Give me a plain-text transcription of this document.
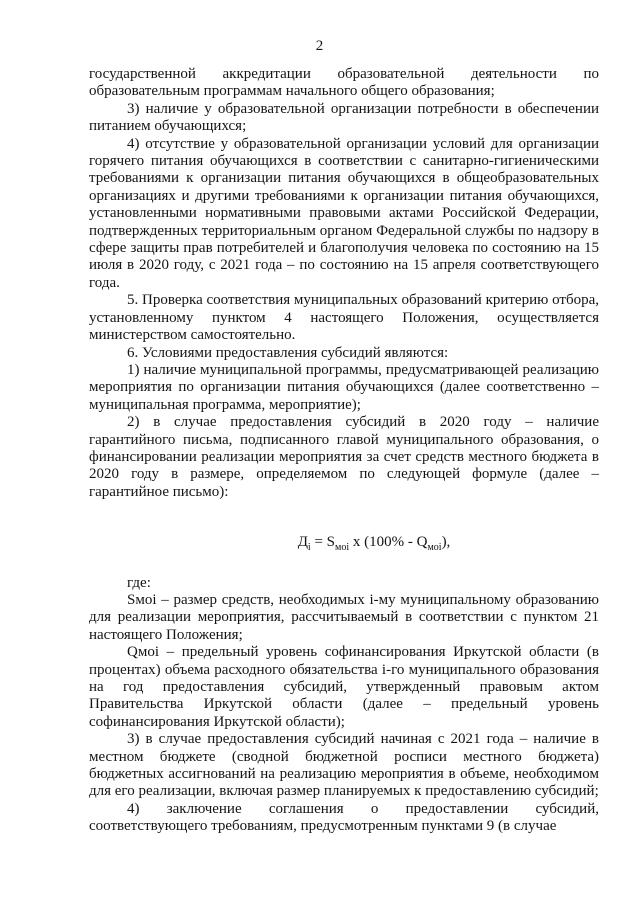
2

государственной аккредитации образовательной деятельности по образовательным программам начального общего образования;

3) наличие у образовательной организации потребности в обеспечении питанием обучающихся;

4) отсутствие у образовательной организации условий для организации горячего питания обучающихся в соответствии с санитарно-гигиеническими требованиями к организации питания обучающихся в общеобразовательных организациях и другими требованиями к организации питания обучающихся, установленными нормативными правовыми актами Российской Федерации, подтвержденных территориальным органом Федеральной службы по надзору в сфере защиты прав потребителей и благополучия человека по состоянию на 15 июля в 2020 году, с 2021 года – по состоянию на 15 апреля соответствующего года.

5. Проверка соответствия муниципальных образований критерию отбора, установленному пунктом 4 настоящего Положения, осуществляется министерством самостоятельно.

6. Условиями предоставления субсидий являются:

1) наличие муниципальной программы, предусматривающей реализацию мероприятия по организации питания обучающихся (далее соответственно – муниципальная программа, мероприятие);

2) в случае предоставления субсидий в 2020 году – наличие гарантийного письма, подписанного главой муниципального образования, о финансировании реализации мероприятия за счет средств местного бюджета в 2020 году в размере, определяемом по следующей формуле (далее – гарантийное письмо):

$Д_i = S_{моi}$ x $(100\% - Q_{моi})$,

где:

Sмоi – размер средств, необходимых i-му муниципальному образованию для реализации мероприятия, рассчитываемый в соответствии с пунктом 21 настоящего Положения;

Qмоi – предельный уровень софинансирования Иркутской области (в процентах) объема расходного обязательства i-го муниципального образования на год предоставления субсидий, утвержденный правовым актом Правительства Иркутской области (далее – предельный уровень софинансирования Иркутской области);

3) в случае предоставления субсидий начиная с 2021 года – наличие в местном бюджете (сводной бюджетной росписи местного бюджета) бюджетных ассигнований на реализацию мероприятия в объеме, необходимом для его реализации, включая размер планируемых к предоставлению субсидий;

4) заключение соглашения о предоставлении субсидий, соответствующего требованиям, предусмотренным пунктами 9 (в случае
